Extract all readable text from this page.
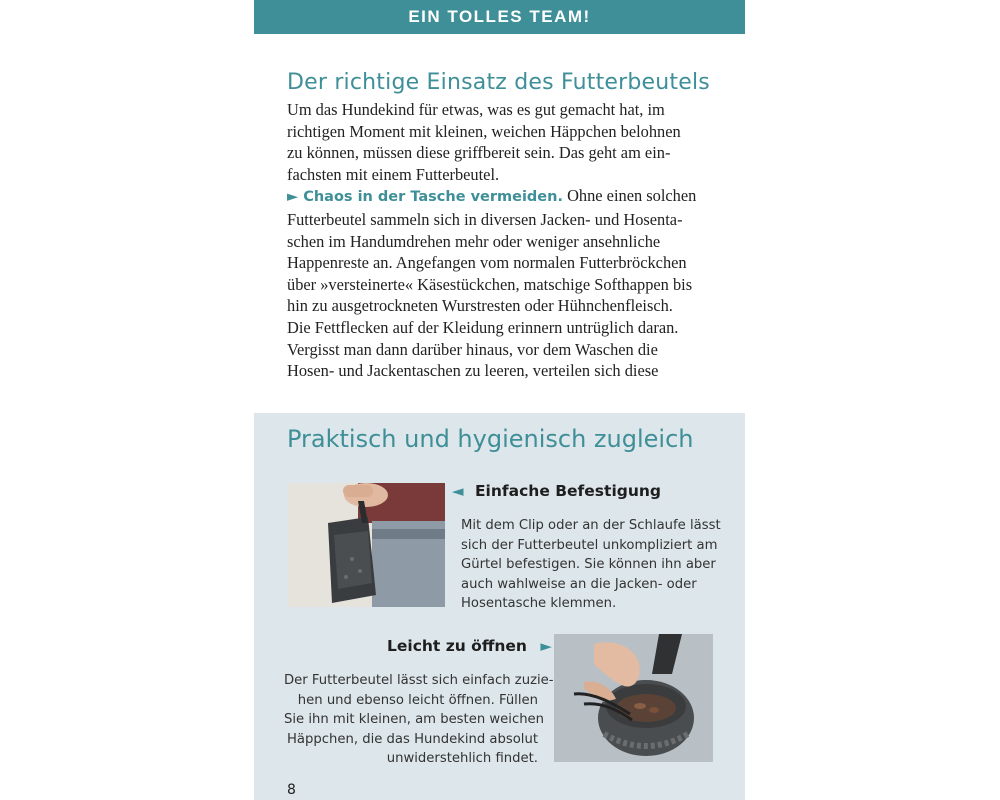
EIN TOLLES TEAM!
Der richtige Einsatz des Futterbeutels

Um das Hundekind für etwas, was es gut gemacht hat, im

richtigen Moment mit kleinen, weichen Häppchen belohnen

zu können, müssen diese griffbereit sein. Das geht am ein-

fachsten mit einem Futterbeutel.

► Chaos in der Tasche vermeiden. Ohne einen solchen

Futterbeutel sammeln sich in diversen Jacken- und Hosenta-

schen im Handumdrehen mehr oder weniger ansehnliche

Happenreste an. Angefangen vom normalen Futterbröckchen

über »versteinerte« Käsestückchen, matschige Softhappen bis

hin zu ausgetrockneten Wurstresten oder Hühnchenfleisch.

Die Fettflecken auf der Kleidung erinnern untrüglich daran.

Vergisst man dann darüber hinaus, vor dem Waschen die

Hosen- und Jackentaschen zu leeren, verteilen sich diese

Praktisch und hygienisch zugleich
◄ Einfache Befestigung
Mit dem Clip oder an der Schlaufe lässt
sich der Futterbeutel unkompliziert am
Gürtel befestigen. Sie können ihn aber
auch wahlweise an die Jacken- oder
Hosentasche klemmen.
Leicht zu öffnen ►
Der Futterbeutel lässt sich einfach zuzie-
hen und ebenso leicht öffnen. Füllen
Sie ihn mit kleinen, am besten weichen
Häppchen, die das Hundekind absolut
unwiderstehlich findet.
8
